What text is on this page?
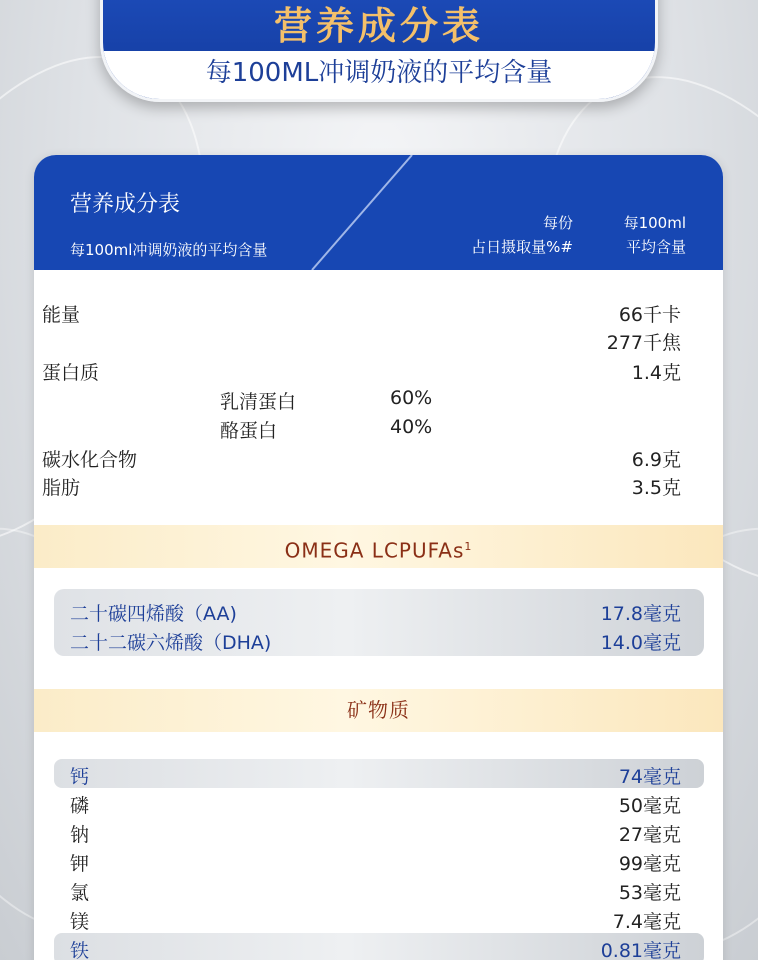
营养成分表
每100ML冲调奶液的平均含量
营养成分表
每100ml冲调奶液的平均含量
每份
占日摄取量%#
每100ml
平均含量
能量	66千卡
277千焦
蛋白质	1.4克
乳清蛋白	60%
酪蛋白	40%
碳水化合物	6.9克
脂肪	3.5克
OMEGA LCPUFAs$^1$
二十碳四烯酸（AA)	17.8毫克
二十二碳六烯酸（DHA)	14.0毫克
矿物质
钙	74毫克
磷	50毫克
钠	27毫克
钾	99毫克
氯	53毫克
镁	7.4毫克
铁	0.81毫克
